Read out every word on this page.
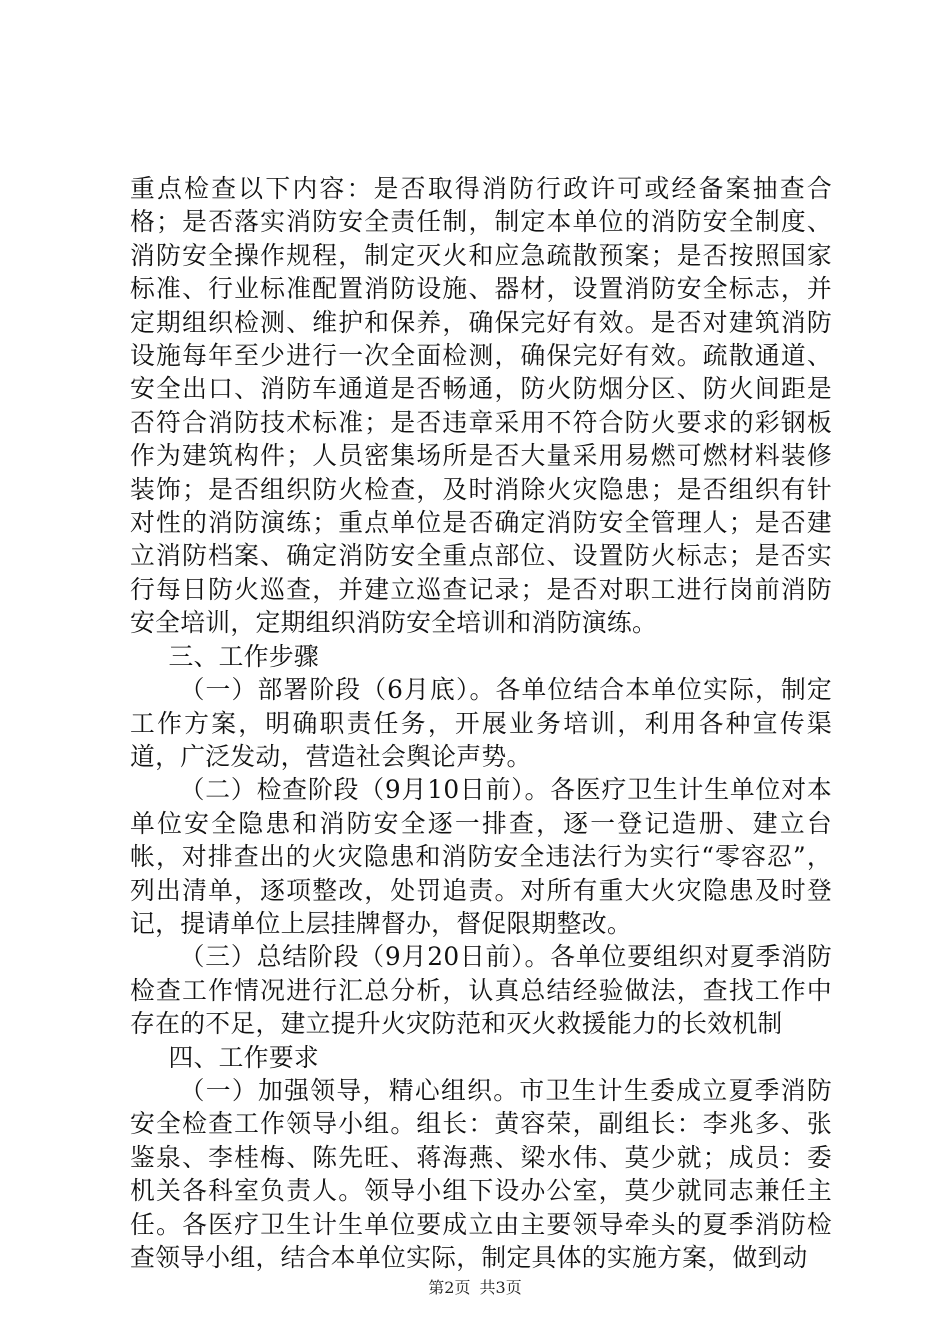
重点检查以下内容：是否取得消防行政许可或经备案抽查合格；是否落实消防安全责任制，制定本单位的消防安全制度、消防安全操作规程，制定灭火和应急疏散预案；是否按照国家标准、行业标准配置消防设施、器材，设置消防安全标志，并定期组织检测、维护和保养，确保完好有效。是否对建筑消防设施每年至少进行一次全面检测，确保完好有效。疏散通道、安全出口、消防车通道是否畅通，防火防烟分区、防火间距是否符合消防技术标准；是否违章采用不符合防火要求的彩钢板作为建筑构件；人员密集场所是否大量采用易燃可燃材料装修装饰；是否组织防火检查，及时消除火灾隐患；是否组织有针对性的消防演练；重点单位是否确定消防安全管理人；是否建立消防档案、确定消防安全重点部位、设置防火标志；是否实行每日防火巡查，并建立巡查记录；是否对职工进行岗前消防安全培训，定期组织消防安全培训和消防演练。

三、工作步骤

（一）部署阶段（6月底）。各单位结合本单位实际，制定工作方案，明确职责任务，开展业务培训，利用各种宣传渠道，广泛发动，营造社会舆论声势。

（二）检查阶段（9月10日前）。各医疗卫生计生单位对本单位安全隐患和消防安全逐一排查，逐一登记造册、建立台帐，对排查出的火灾隐患和消防安全违法行为实行“零容忍”，列出清单，逐项整改，处罚追责。对所有重大火灾隐患及时登记，提请单位上层挂牌督办，督促限期整改。

（三）总结阶段（9月20日前）。各单位要组织对夏季消防检查工作情况进行汇总分析，认真总结经验做法，查找工作中存在的不足，建立提升火灾防范和灭火救援能力的长效机制

四、工作要求

（一）加强领导，精心组织。市卫生计生委成立夏季消防安全检查工作领导小组。组长：黄容荣，副组长：李兆多、张鉴泉、李桂梅、陈先旺、蒋海燕、梁水伟、莫少就；成员：委机关各科室负责人。领导小组下设办公室，莫少就同志兼任主任。各医疗卫生计生单位要成立由主要领导牵头的夏季消防检查领导小组，结合本单位实际，制定具体的实施方案，做到动

第2页 共3页
